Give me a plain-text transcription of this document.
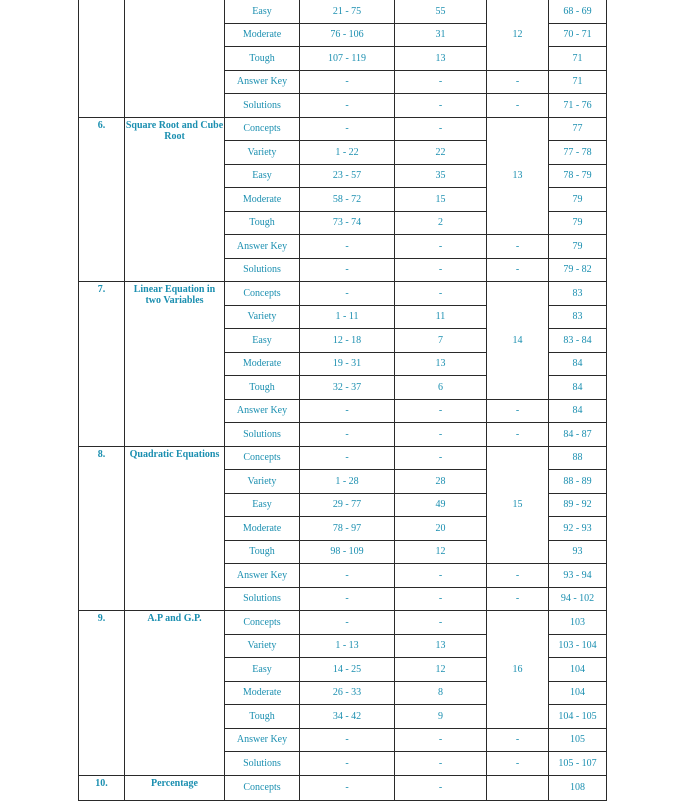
		Easy	21 - 75	55	12	68 - 69
		Moderate	76 - 106	31		70 - 71
		Tough	107 - 119	13		71
		Answer Key	-	-	-	71
		Solutions	-	-	-	71 - 76
6.	Square Root and Cube Root	Concepts	-	-	13	77
		Variety	1 - 22	22		77 - 78
		Easy	23 - 57	35		78 - 79
		Moderate	58 - 72	15		79
		Tough	73 - 74	2		79
		Answer Key	-	-	-	79
		Solutions	-	-	-	79 - 82
7.	Linear Equation in two Variables	Concepts	-	-	14	83
		Variety	1 - 11	11		83
		Easy	12 - 18	7		83 - 84
		Moderate	19 - 31	13		84
		Tough	32 - 37	6		84
		Answer Key	-	-	-	84
		Solutions	-	-	-	84 - 87
8.	Quadratic Equations	Concepts	-	-	15	88
		Variety	1 - 28	28		88 - 89
		Easy	29 - 77	49		89 - 92
		Moderate	78 - 97	20		92 - 93
		Tough	98 - 109	12		93
		Answer Key	-	-	-	93 - 94
		Solutions	-	-	-	94 - 102
9.	A.P and G.P.	Concepts	-	-	16	103
		Variety	1 - 13	13		103 - 104
		Easy	14 - 25	12		104
		Moderate	26 - 33	8		104
		Tough	34 - 42	9		104 - 105
		Answer Key	-	-	-	105
		Solutions	-	-	-	105 - 107
10.	Percentage	Concepts	-	-		108
